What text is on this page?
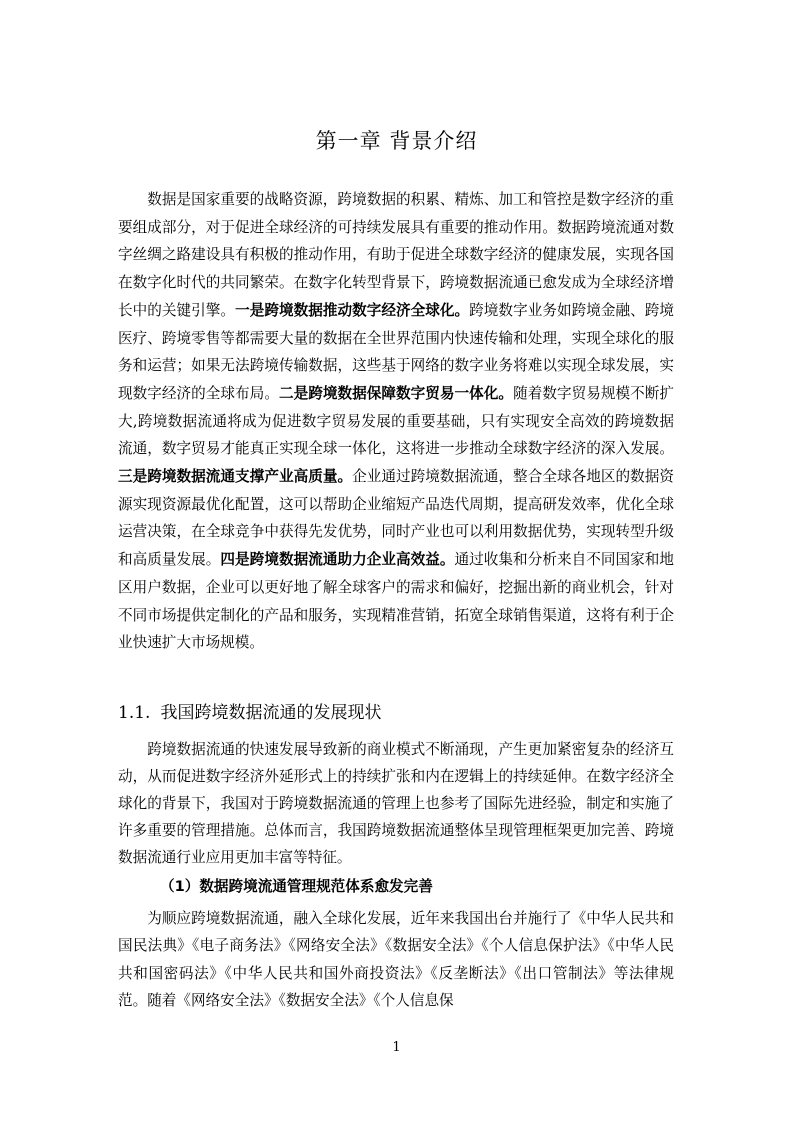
第一章 背景介绍
数据是国家重要的战略资源，跨境数据的积累、精炼、加工和管控是数字经济的重要组成部分，对于促进全球经济的可持续发展具有重要的推动作用。数据跨境流通对数字丝绸之路建设具有积极的推动作用，有助于促进全球数字经济的健康发展，实现各国在数字化时代的共同繁荣。在数字化转型背景下，跨境数据流通已愈发成为全球经济增长中的关键引擎。一是跨境数据推动数字经济全球化。跨境数字业务如跨境金融、跨境医疗、跨境零售等都需要大量的数据在全世界范围内快速传输和处理，实现全球化的服务和运营；如果无法跨境传输数据，这些基于网络的数字业务将难以实现全球发展，实现数字经济的全球布局。二是跨境数据保障数字贸易一体化。随着数字贸易规模不断扩大,跨境数据流通将成为促进数字贸易发展的重要基础，只有实现安全高效的跨境数据流通，数字贸易才能真正实现全球一体化，这将进一步推动全球数字经济的深入发展。三是跨境数据流通支撑产业高质量。企业通过跨境数据流通，整合全球各地区的数据资源实现资源最优化配置，这可以帮助企业缩短产品迭代周期，提高研发效率，优化全球运营决策，在全球竞争中获得先发优势，同时产业也可以利用数据优势，实现转型升级和高质量发展。四是跨境数据流通助力企业高效益。通过收集和分析来自不同国家和地区用户数据，企业可以更好地了解全球客户的需求和偏好，挖掘出新的商业机会，针对不同市场提供定制化的产品和服务，实现精准营销，拓宽全球销售渠道，这将有利于企业快速扩大市场规模。
1.1. 我国跨境数据流通的发展现状
跨境数据流通的快速发展导致新的商业模式不断涌现，产生更加紧密复杂的经济互动，从而促进数字经济外延形式上的持续扩张和内在逻辑上的持续延伸。在数字经济全球化的背景下，我国对于跨境数据流通的管理上也参考了国际先进经验，制定和实施了许多重要的管理措施。总体而言，我国跨境数据流通整体呈现管理框架更加完善、跨境数据流通行业应用更加丰富等特征。
（1）数据跨境流通管理规范体系愈发完善
为顺应跨境数据流通，融入全球化发展，近年来我国出台并施行了《中华人民共和国民法典》《电子商务法》《网络安全法》《数据安全法》《个人信息保护法》《中华人民共和国密码法》《中华人民共和国外商投资法》《反垄断法》《出口管制法》等法律规范。随着《网络安全法》《数据安全法》《个人信息保
1
